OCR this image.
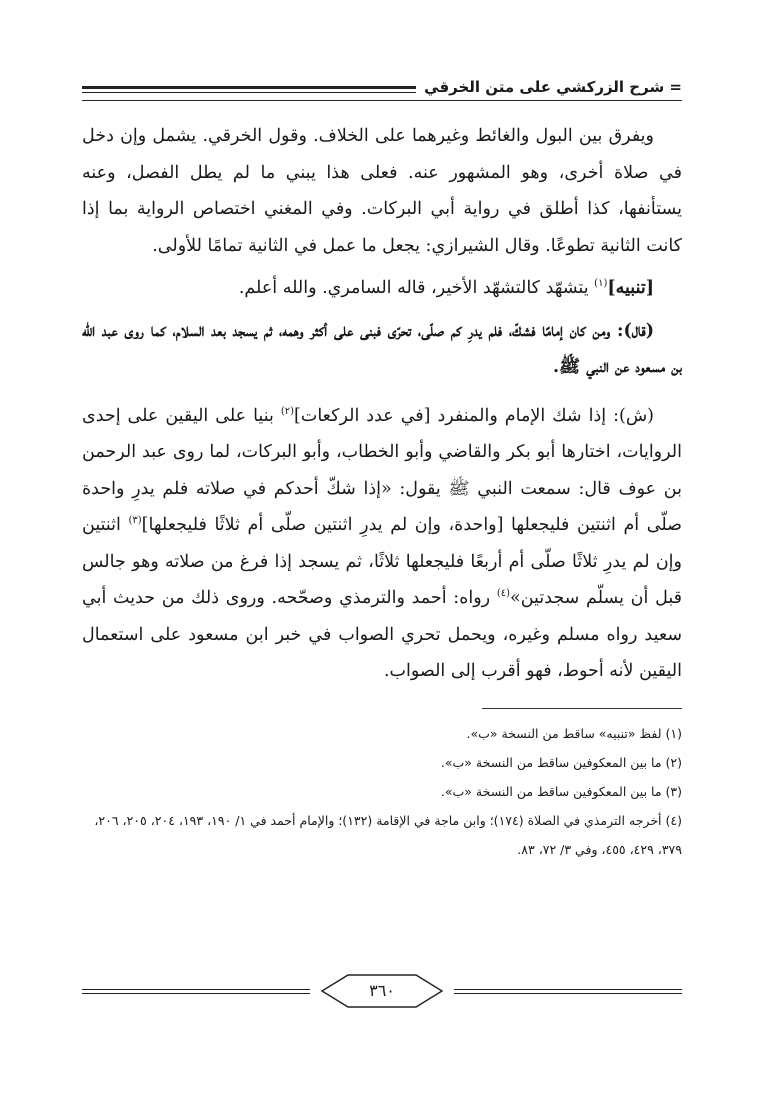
= شرح الزركشي على متن الخرقي

ويفرق بين البول والغائط وغيرهما على الخلاف. وقول الخرقي. يشمل وإن دخل في صلاة أخرى، وهو المشهور عنه. فعلى هذا يبني ما لم يطل الفصل، وعنه يستأنفها، كذا أطلق في رواية أبي البركات. وفي المغني اختصاص الرواية بما إذا كانت الثانية تطوعًا. وقال الشيرازي: يجعل ما عمل في الثانية تمامًا للأولى.

[تنبيه]$^{(١)}$ يتشهّد كالتشهّد الأخير، قاله السامري. والله أعلم.

(قال): ومن كان إمامًا فشكّ، فلم يدرِ كم صلّى، تحرّى فبنى على أكثر وهمه، ثم يسجد بعد السلام، كما روى عبد الله بن مسعود عن النبي ﷺ.

(ش): إذا شك الإمام والمنفرد [في عدد الركعات]$^{(٢)}$ بنيا على اليقين على إحدى الروايات، اختارها أبو بكر والقاضي وأبو الخطاب، وأبو البركات، لما روى عبد الرحمن بن عوف قال: سمعت النبي ﷺ يقول: «إذا شكّ أحدكم في صلاته فلم يدرِ واحدة صلّى أم اثنتين فليجعلها [واحدة، وإن لم يدرِ اثنتين صلّى أم ثلاثًا فليجعلها]$^{(٣)}$ اثنتين وإن لم يدرِ ثلاثًا صلّى أم أربعًا فليجعلها ثلاثًا، ثم يسجد إذا فرغ من صلاته وهو جالس قبل أن يسلّم سجدتين»$^{(٤)}$ رواه: أحمد والترمذي وصحّحه. وروى ذلك من حديث أبي سعيد رواه مسلم وغيره، ويحمل تحري الصواب في خبر ابن مسعود على استعمال اليقين لأنه أحوط، فهو أقرب إلى الصواب.

(١) لفظ «تنبيه» ساقط من النسخة «ب».

(٢) ما بين المعكوفين ساقط من النسخة «ب».

(٣) ما بين المعكوفين ساقط من النسخة «ب».

(٤) أخرجه الترمذي في الصلاة (١٧٤)؛ وابن ماجة في الإقامة (١٣٢)؛ والإمام أحمد في ١/ ١٩٠، ١٩٣، ٢٠٤، ٢٠٥، ٢٠٦، ٣٧٩، ٤٢٩، ٤٥٥، وفي ٣/ ٧٢، ٨٣.

٣٦٠
